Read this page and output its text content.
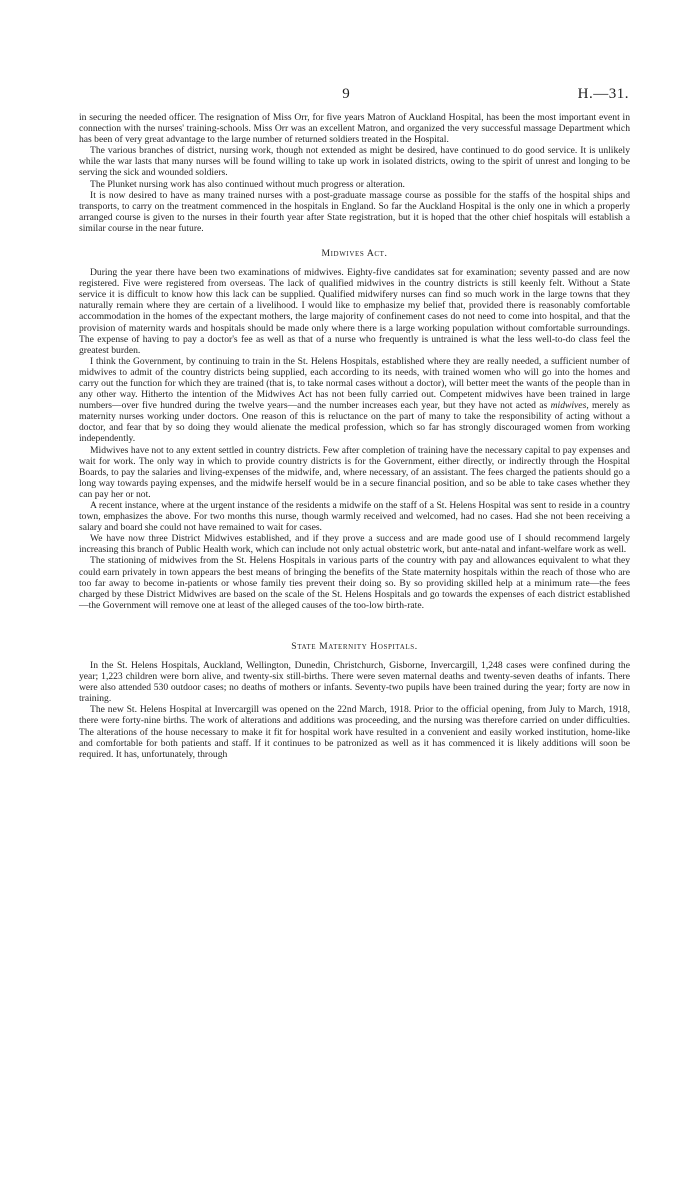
9	H.—31.

in securing the needed officer. The resignation of Miss Orr, for five years Matron of Auckland Hospital, has been the most important event in connection with the nurses' training-schools. Miss Orr was an excellent Matron, and organized the very successful massage Department which has been of very great advantage to the large number of returned soldiers treated in the Hospital.

The various branches of district, nursing work, though not extended as might be desired, have continued to do good service. It is unlikely while the war lasts that many nurses will be found willing to take up work in isolated districts, owing to the spirit of unrest and longing to be serving the sick and wounded soldiers.

The Plunket nursing work has also continued without much progress or alteration.

It is now desired to have as many trained nurses with a post-graduate massage course as possible for the staffs of the hospital ships and transports, to carry on the treatment commenced in the hospitals in England. So far the Auckland Hospital is the only one in which a properly arranged course is given to the nurses in their fourth year after State registration, but it is hoped that the other chief hospitals will establish a similar course in the near future.

Midwives Act.

During the year there have been two examinations of midwives. Eighty-five candidates sat for examination; seventy passed and are now registered. Five were registered from overseas. The lack of qualified midwives in the country districts is still keenly felt. Without a State service it is difficult to know how this lack can be supplied. Qualified midwifery nurses can find so much work in the large towns that they naturally remain where they are certain of a livelihood. I would like to emphasize my belief that, provided there is reasonably comfortable accommodation in the homes of the expectant mothers, the large majority of confinement cases do not need to come into hospital, and that the provision of maternity wards and hospitals should be made only where there is a large working population without comfortable surroundings. The expense of having to pay a doctor's fee as well as that of a nurse who frequently is untrained is what the less well-to-do class feel the greatest burden.

I think the Government, by continuing to train in the St. Helens Hospitals, established where they are really needed, a sufficient number of midwives to admit of the country districts being supplied, each according to its needs, with trained women who will go into the homes and carry out the function for which they are trained (that is, to take normal cases without a doctor), will better meet the wants of the people than in any other way. Hitherto the intention of the Midwives Act has not been fully carried out. Competent midwives have been trained in large numbers—over five hundred during the twelve years—and the number increases each year, but they have not acted as midwives, merely as maternity nurses working under doctors. One reason of this is reluctance on the part of many to take the responsibility of acting without a doctor, and fear that by so doing they would alienate the medical profession, which so far has strongly discouraged women from working independently.

Midwives have not to any extent settled in country districts. Few after completion of training have the necessary capital to pay expenses and wait for work. The only way in which to provide country districts is for the Government, either directly, or indirectly through the Hospital Boards, to pay the salaries and living-expenses of the midwife, and, where necessary, of an assistant. The fees charged the patients should go a long way towards paying expenses, and the midwife herself would be in a secure financial position, and so be able to take cases whether they can pay her or not.

A recent instance, where at the urgent instance of the residents a midwife on the staff of a St. Helens Hospital was sent to reside in a country town, emphasizes the above. For two months this nurse, though warmly received and welcomed, had no cases. Had she not been receiving a salary and board she could not have remained to wait for cases.

We have now three District Midwives established, and if they prove a success and are made good use of I should recommend largely increasing this branch of Public Health work, which can include not only actual obstetric work, but ante-natal and infant-welfare work as well.

The stationing of midwives from the St. Helens Hospitals in various parts of the country with pay and allowances equivalent to what they could earn privately in town appears the best means of bringing the benefits of the State maternity hospitals within the reach of those who are too far away to become in-patients or whose family ties prevent their doing so. By so providing skilled help at a minimum rate—the fees charged by these District Midwives are based on the scale of the St. Helens Hospitals and go towards the expenses of each district established—the Government will remove one at least of the alleged causes of the too-low birth-rate.

State Maternity Hospitals.

In the St. Helens Hospitals, Auckland, Wellington, Dunedin, Christchurch, Gisborne, Invercargill, 1,248 cases were confined during the year; 1,223 children were born alive, and twenty-six still-births. There were seven maternal deaths and twenty-seven deaths of infants. There were also attended 530 outdoor cases; no deaths of mothers or infants. Seventy-two pupils have been trained during the year; forty are now in training.

The new St. Helens Hospital at Invercargill was opened on the 22nd March, 1918. Prior to the official opening, from July to March, 1918, there were forty-nine births. The work of alterations and additions was proceeding, and the nursing was therefore carried on under difficulties. The alterations of the house necessary to make it fit for hospital work have resulted in a convenient and easily worked institution, home-like and comfortable for both patients and staff. If it continues to be patronized as well as it has commenced it is likely additions will soon be required. It has, unfortunately, through
